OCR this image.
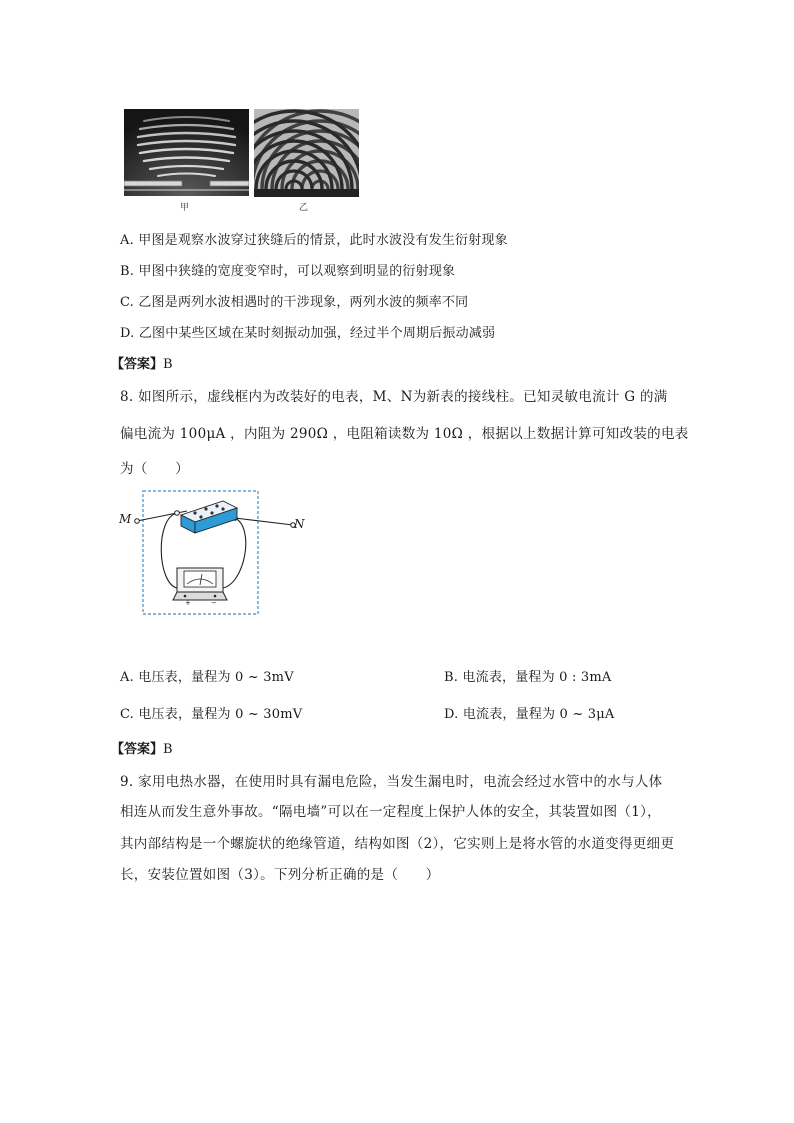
甲	乙
A. 甲图是观察水波穿过狭缝后的情景，此时水波没有发生衍射现象
B. 甲图中狭缝的宽度变窄时，可以观察到明显的衍射现象
C. 乙图是两列水波相遇时的干涉现象，两列水波的频率不同
D. 乙图中某些区域在某时刻振动加强，经过半个周期后振动减弱
【答案】B
8. 如图所示，虚线框内为改装好的电表，M、N为新表的接线柱。已知灵敏电流计 G 的满
偏电流为 100μA ，内阻为 290Ω ，电阻箱读数为 10Ω ，根据以上数据计算可知改装的电表
为（　　）
M	N
+	−
A. 电压表，量程为 0 ~ 3mV	B. 电流表，量程为 0 : 3mA
C. 电压表，量程为 0 ~ 30mV	D. 电流表，量程为 0 ~ 3μA
【答案】B
9. 家用电热水器，在使用时具有漏电危险，当发生漏电时，电流会经过水管中的水与人体
相连从而发生意外事故。“隔电墙”可以在一定程度上保护人体的安全，其装置如图（1），
其内部结构是一个螺旋状的绝缘管道，结构如图（2），它实则上是将水管的水道变得更细更
长，安装位置如图（3）。下列分析正确的是（　　）
